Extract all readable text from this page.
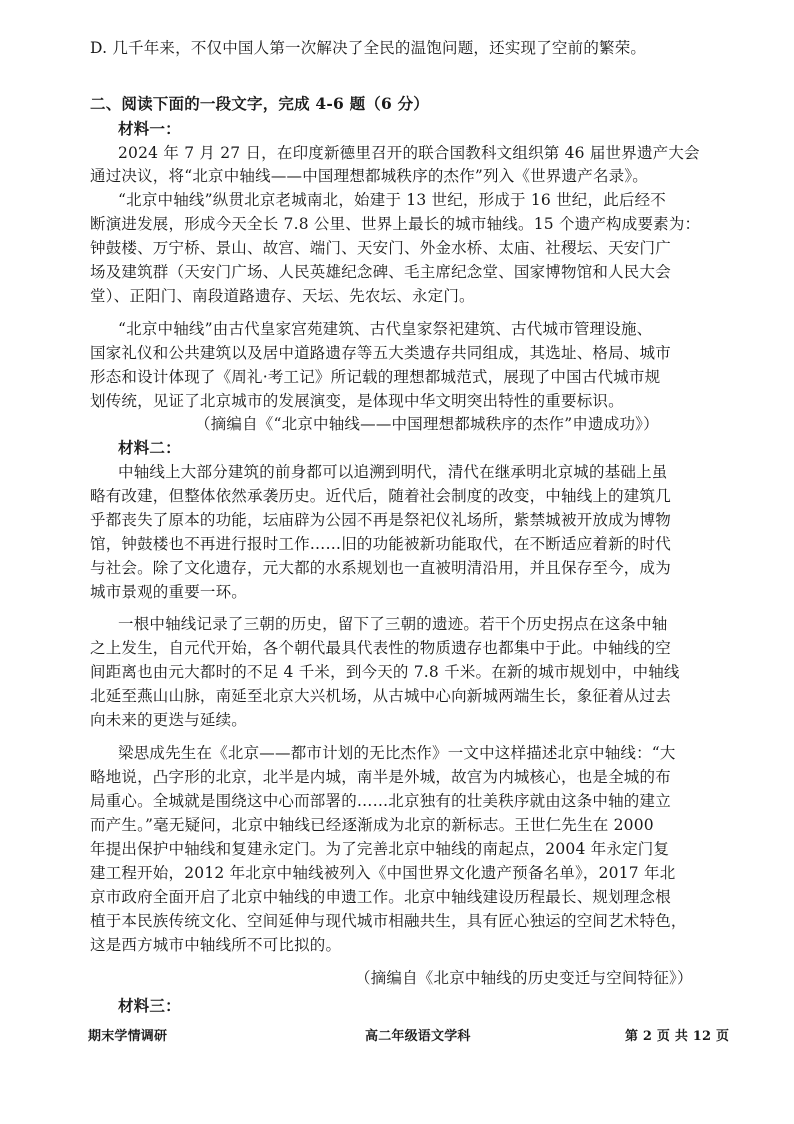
D. 几千年来，不仅中国人第一次解决了全民的温饱问题，还实现了空前的繁荣。
二、阅读下面的一段文字，完成 4-6 题（6 分）
材料一：
2024 年 7 月 27 日，在印度新德里召开的联合国教科文组织第 46 届世界遗产大会
通过决议，将“北京中轴线——中国理想都城秩序的杰作”列入《世界遗产名录》。
“北京中轴线”纵贯北京老城南北，始建于 13 世纪，形成于 16 世纪，此后经不
断演进发展，形成今天全长 7.8 公里、世界上最长的城市轴线。15 个遗产构成要素为：
钟鼓楼、万宁桥、景山、故宫、端门、天安门、外金水桥、太庙、社稷坛、天安门广
场及建筑群（天安门广场、人民英雄纪念碑、毛主席纪念堂、国家博物馆和人民大会
堂）、正阳门、南段道路遗存、天坛、先农坛、永定门。
“北京中轴线”由古代皇家宫苑建筑、古代皇家祭祀建筑、古代城市管理设施、
国家礼仪和公共建筑以及居中道路遗存等五大类遗存共同组成，其选址、格局、城市
形态和设计体现了《周礼·考工记》所记载的理想都城范式，展现了中国古代城市规
划传统，见证了北京城市的发展演变，是体现中华文明突出特性的重要标识。
（摘编自《“北京中轴线——中国理想都城秩序的杰作”申遗成功》）
材料二：
中轴线上大部分建筑的前身都可以追溯到明代，清代在继承明北京城的基础上虽
略有改建，但整体依然承袭历史。近代后，随着社会制度的改变，中轴线上的建筑几
乎都丧失了原本的功能，坛庙辟为公园不再是祭祀仪礼场所，紫禁城被开放成为博物
馆，钟鼓楼也不再进行报时工作……旧的功能被新功能取代，在不断适应着新的时代
与社会。除了文化遗存，元大都的水系规划也一直被明清沿用，并且保存至今，成为
城市景观的重要一环。
一根中轴线记录了三朝的历史，留下了三朝的遗迹。若干个历史拐点在这条中轴
之上发生，自元代开始，各个朝代最具代表性的物质遗存也都集中于此。中轴线的空
间距离也由元大都时的不足 4 千米，到今天的 7.8 千米。在新的城市规划中，中轴线
北延至燕山山脉，南延至北京大兴机场，从古城中心向新城两端生长，象征着从过去
向未来的更迭与延续。
梁思成先生在《北京——都市计划的无比杰作》一文中这样描述北京中轴线：“大
略地说，凸字形的北京，北半是内城，南半是外城，故宫为内城核心，也是全城的布
局重心。全城就是围绕这中心而部署的……北京独有的壮美秩序就由这条中轴的建立
而产生。”毫无疑问，北京中轴线已经逐渐成为北京的新标志。王世仁先生在 2000
年提出保护中轴线和复建永定门。为了完善北京中轴线的南起点，2004 年永定门复
建工程开始，2012 年北京中轴线被列入《中国世界文化遗产预备名单》，2017 年北
京市政府全面开启了北京中轴线的申遗工作。北京中轴线建设历程最长、规划理念根
植于本民族传统文化、空间延伸与现代城市相融共生，具有匠心独运的空间艺术特色，
这是西方城市中轴线所不可比拟的。
（摘编自《北京中轴线的历史变迁与空间特征》）
材料三：
期末学情调研	高二年级语文学科	第 2 页 共 12 页
